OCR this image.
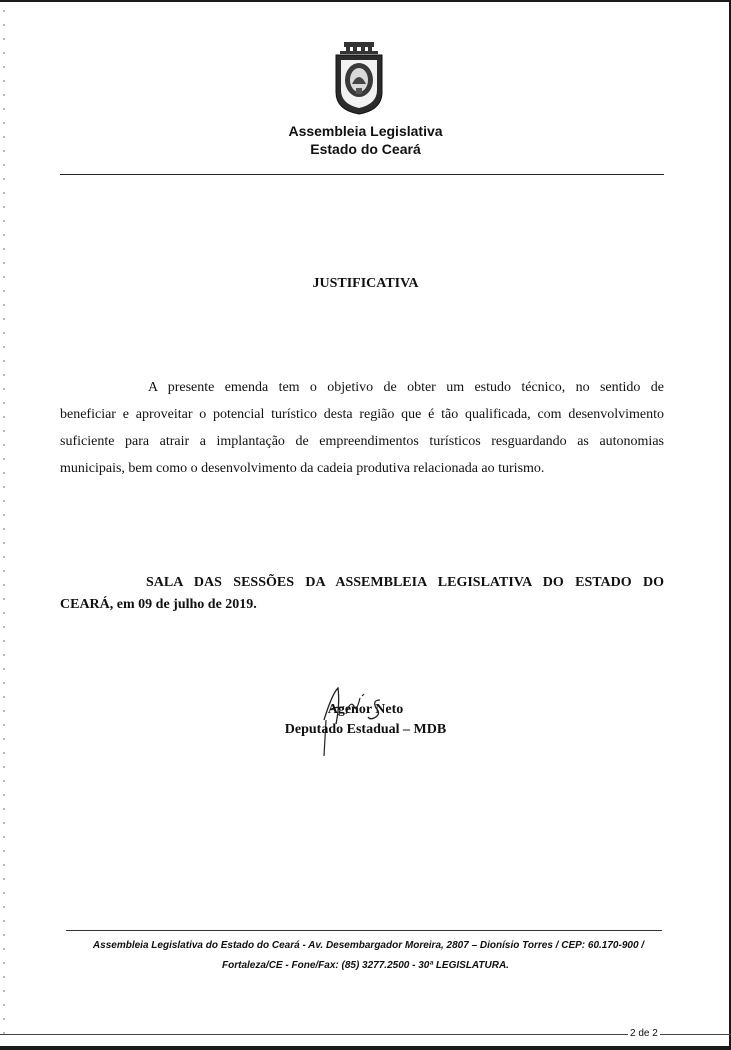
Assembleia Legislativa
Estado do Ceará
JUSTIFICATIVA
A presente emenda tem o objetivo de obter um estudo técnico, no sentido de
beneficiar e aproveitar o potencial turístico desta região que é tão qualificada, com desenvolvimento
suficiente para atrair a implantação de empreendimentos turísticos resguardando as autonomias
municipais, bem como o desenvolvimento da cadeia produtiva relacionada ao turismo.
SALA DAS SESSÕES DA ASSEMBLEIA LEGISLATIVA DO ESTADO DO
CEARÁ, em 09 de julho de 2019.
Agenor Neto
Deputado Estadual – MDB
Assembleia Legislativa do Estado do Ceará - Av. Desembargador Moreira, 2807 – Dionísio Torres / CEP: 60.170-900 /
Fortaleza/CE - Fone/Fax: (85) 3277.2500 - 30ª LEGISLATURA.
2 de 2
